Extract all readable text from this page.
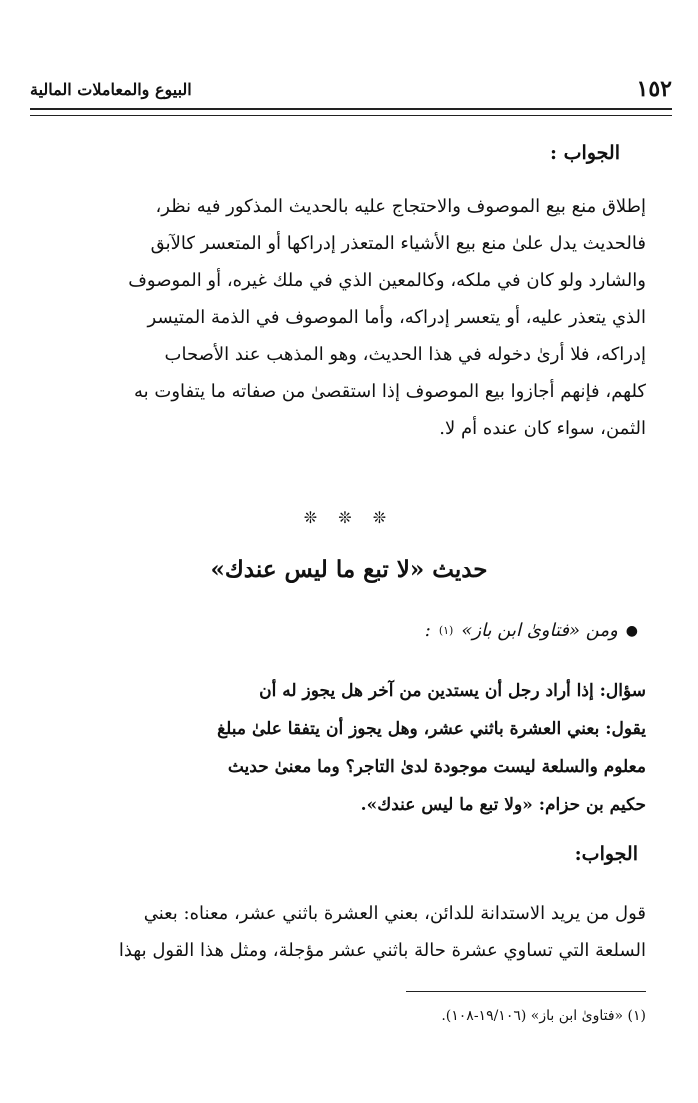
١٥٢
البيوع والمعاملات المالية
الجواب :
إطلاق منع بيع الموصوف والاحتجاج عليه بالحديث المذكور فيه نظر،
فالحديث يدل علىٰ منع بيع الأشياء المتعذر إدراكها أو المتعسر كالآبق
والشارد ولو كان في ملكه، وكالمعين الذي في ملك غيره، أو الموصوف
الذي يتعذر عليه، أو يتعسر إدراكه، وأما الموصوف في الذمة المتيسر
إدراكه، فلا أرىٰ دخوله في هذا الحديث، وهو المذهب عند الأصحاب
كلهم، فإنهم أجازوا بيع الموصوف إذا استقصىٰ من صفاته ما يتفاوت به
الثمن، سواء كان عنده أم لا.
❊ ❊ ❊
حديث «لا تبع ما ليس عندك»
●
ومن «فتاوىٰ ابن باز»
(١)
:
سؤال: إذا أراد رجل أن يستدين من آخر هل يجوز له أن
يقول: بعني العشرة باثني عشر، وهل يجوز أن يتفقا علىٰ مبلغ
معلوم والسلعة ليست موجودة لدىٰ التاجر؟ وما معنىٰ حديث
حكيم بن حزام: «ولا تبع ما ليس عندك».
الجواب:
قول من يريد الاستدانة للدائن، بعني العشرة باثني عشر، معناه: بعني
السلعة التي تساوي عشرة حالة باثني عشر مؤجلة، ومثل هذا القول بهذا
(١) «فتاوىٰ ابن باز» (١٩/١٠٦-١٠٨).
